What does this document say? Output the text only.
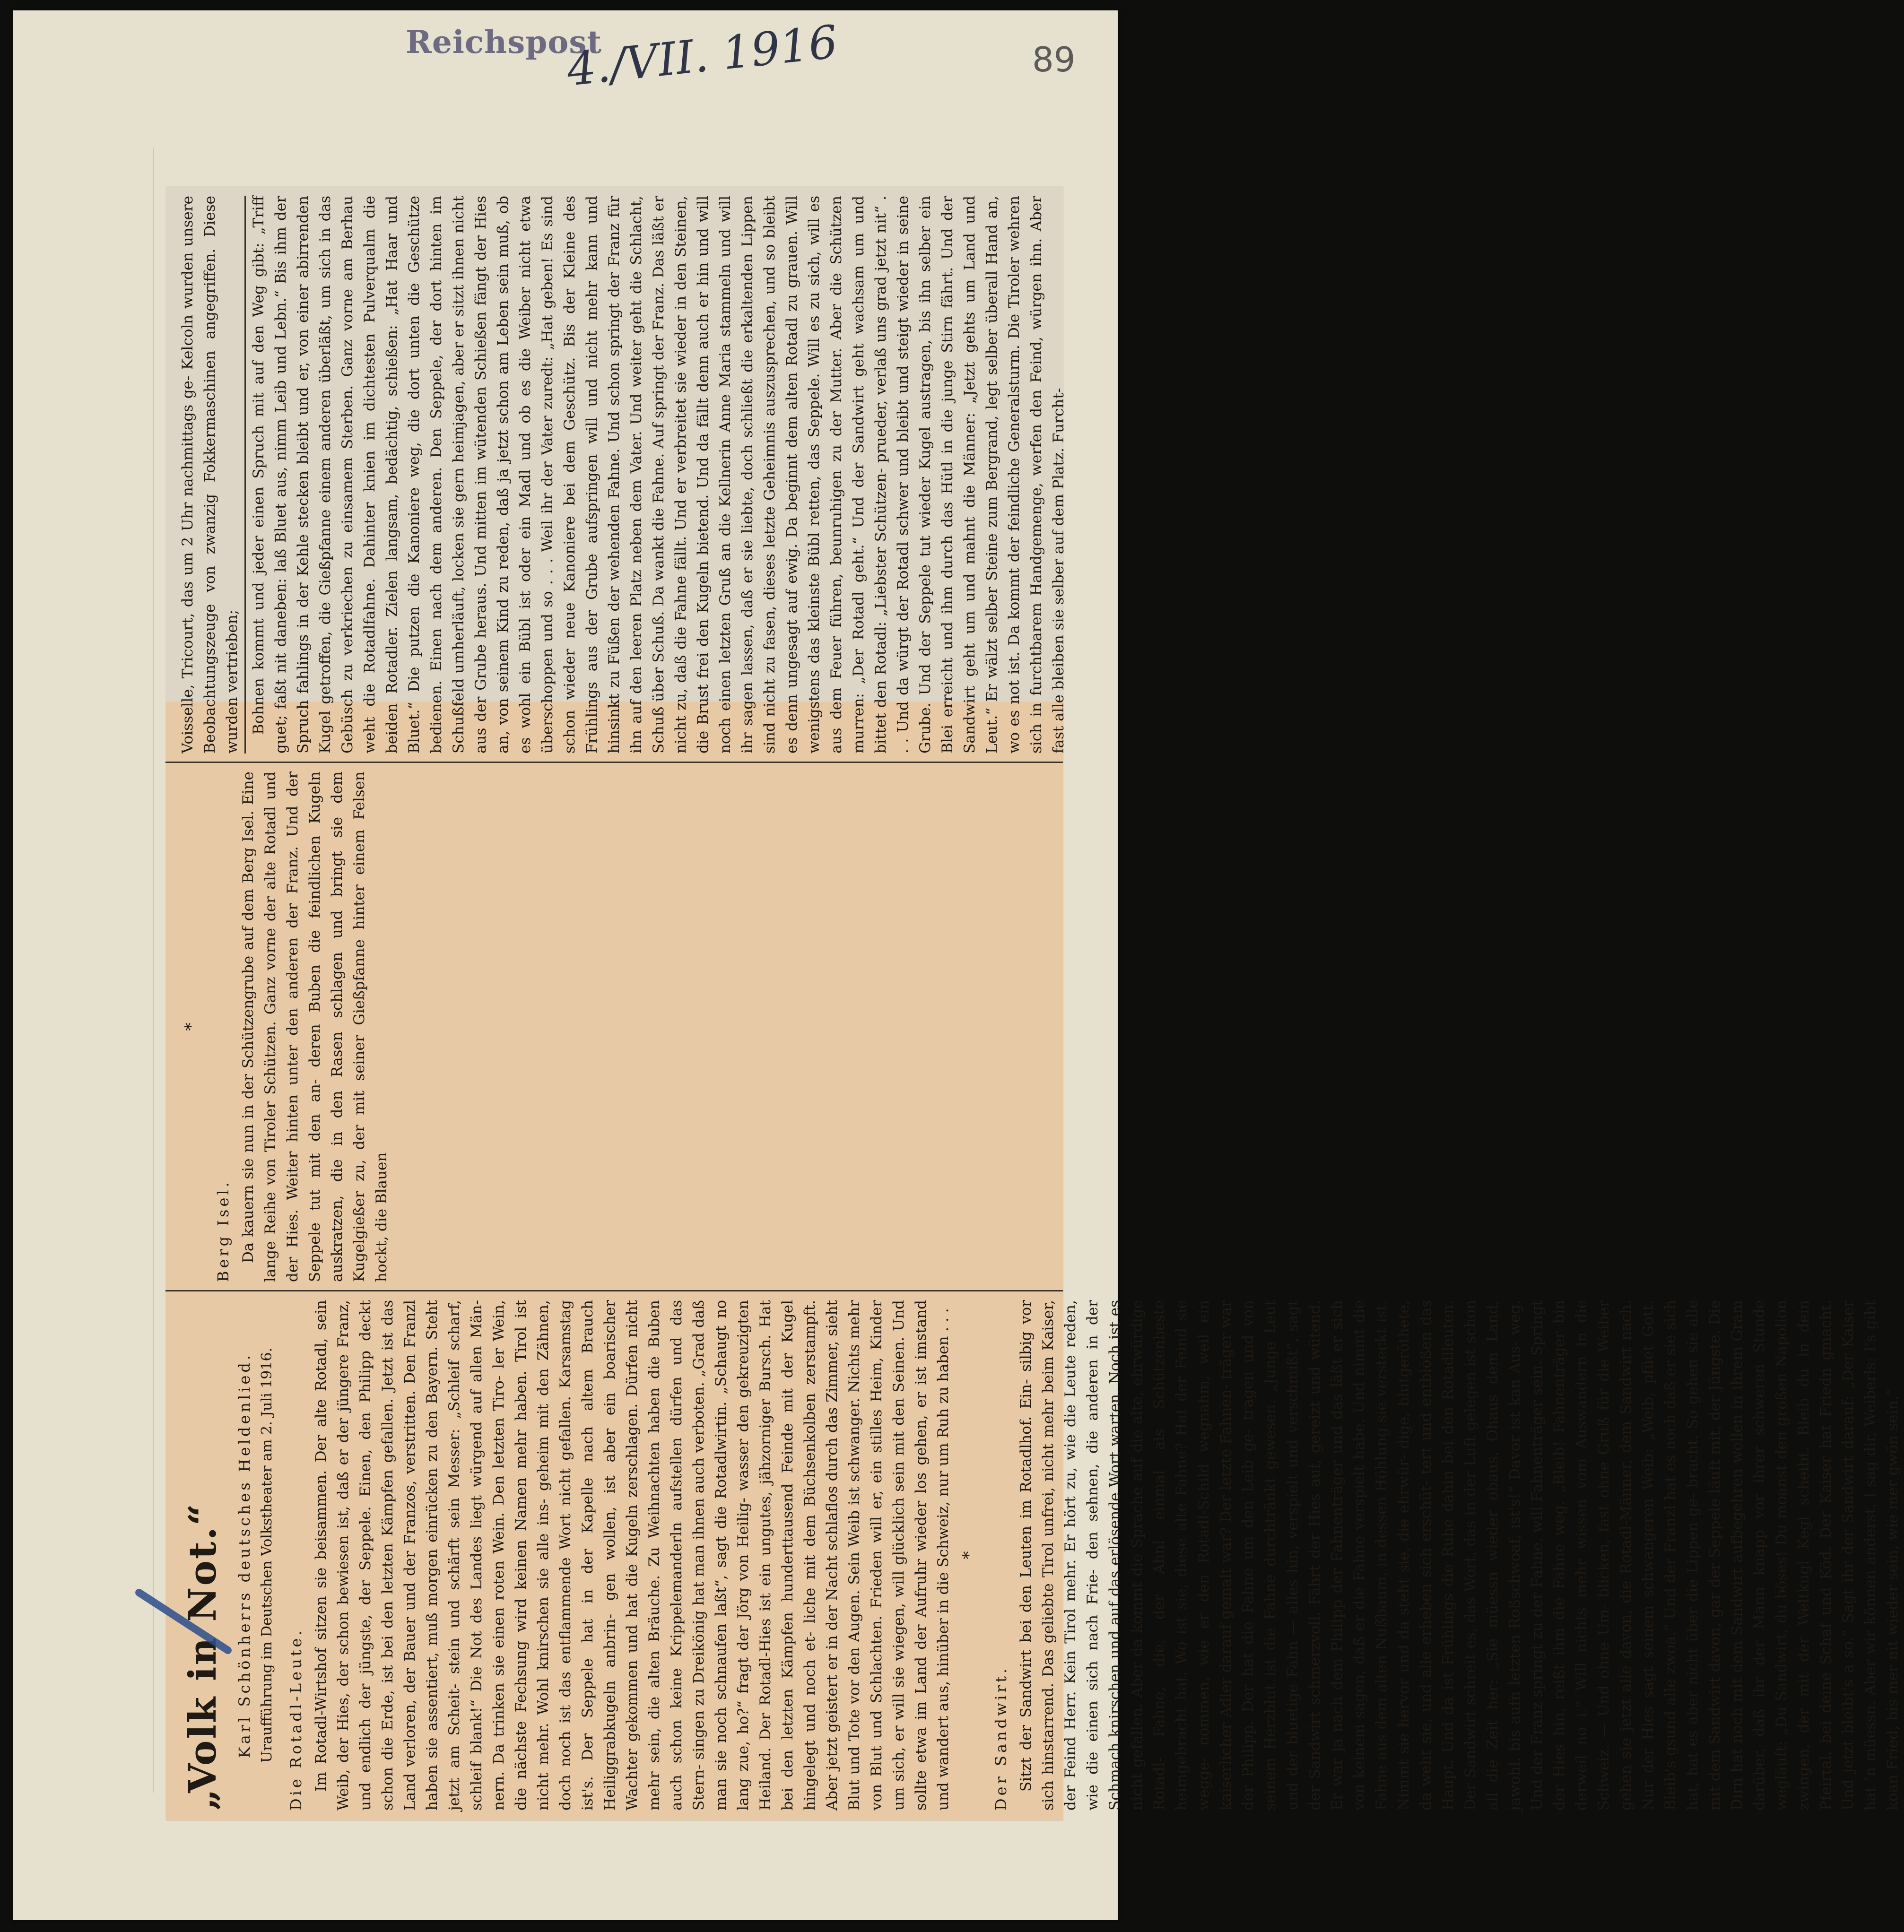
Reichspost
4./VII. 1916	89
„Volk in Not.“ Karl Schönherrs deutsches Heldenlied. Uraufführung im Deutschen Volkstheater am 2. Juli 1916. Die Rotadl-Leute. Im Rotadl-Wirtshof sitzen sie beisammen. Der alte Rotadl, sein Weib, der Hies, der schon bewiesen ist, daß er der jüngere Franz, und endlich der jüngste, der Seppele. Einen, den Philipp deckt schon die Erde, ist bei den letzten Kämpfen gefallen. Jetzt ist das Land verloren, der Bauer und der Franzos, verstritten. Den Franzl haben sie assentiert, muß morgen einrücken zu den Bayern. Steht jetzt am Scheit- stein und schärft sein Messer: „Schleif scharf, schleif blank!“ Die Not des Landes liegt würgend auf allen Män- nern. Da trinken sie einen roten Wein. Den letzten Tiro- ler Wein, die nächste Fechsung wird keinen Namen mehr haben. Tirol ist nicht mehr. Wohl knirschen sie alle ins- geheim mit den Zähnen, doch noch ist das entflammende Wort nicht gefallen. Karsamstag ist's. Der Seppele hat in der Kapelle nach altem Brauch Heiliggrabkugeln anbrin- gen wollen, ist aber ein boarischer Wachter gekommen und hat die Kugeln zerschlagen. Dürfen nicht mehr sein, die alten Bräuche. Zu Weihnachten haben die Buben auch schon keine Krippelemanderln aufstellen dürfen und das Stern- singen zu Dreikönig hat man ihnen auch verboten. „Grad daß man sie noch schnaufen laßt“, sagt die Rotadlwirtin. „Schaugt no lang zue, ho?“ fragt der Jörg von Heilig- wasser den gekreuzigten Heiland. Der Rotadl-Hies ist ein ungutes, jähzorniger Bursch. Hat bei den letzten Kämpfen hunderttausend Feinde mit der Kugel hingelegt und noch et- liche mit dem Büchsenkolben zerstampft. Aber jetzt geistert er in der Nacht schlaflos durch das Zimmer, sieht Blut und Tote vor den Augen. Sein Weib ist schwanger. Nichts mehr von Blut und Schlachten. Frieden will er, ein stilles Heim, Kinder um sich, er will sie wiegen, will glücklich sein mit den Seinen. Und sollte etwa im Land der Aufruhr wieder los gehen, er ist imstand und wandert aus, hinüber in die Schweiz, nur um Ruh zu haben . . . *

Der Sandwirt. Sitzt der Sandwirt bei den Leuten im Rotadlhof. Ein- silbig vor sich hinstarrend. Das geliebte Tirol unfrei, nicht mehr beim Kaiser, der Feind Herr. Kein Tirol mehr. Er hört zu, wie die Leute reden, wie die einen sich nach Frie- den sehnen, die anderen in der Schmach knirschen und auf das erlösende Wort warten. Noch ist es nicht gefallen. Aber da kommt die Sprache auf die alte, ehrwürdige Rotadl- Fahne, die, der Ahnl einmal als Schützenbeste heimgebracht hat. Wo ist sie, diese alte Fahne? Hat der Feind sie wegge- nommen, wie er den Rotadl-Schild wegnahm, weil ein kaiserlicher Adler darauf gemalt war? Der letzte Fahnen- träger war der Philipp. Der hat die Fahne um den Leib ge- tragen und von seinem Herzblut ist die Fahne durchtränkt gewesen. „Junge Leut und der bluetige Fahn — alles hin, verspielt und verschmißt“, sagt der Sandwirt schmerzvoll. Fährt der Hies auf, gereizt und wütend. Er war ja nach dem Philipp der Fahnenträger und das läßt er sich von keinem sagen, daß er die Fahne verspielt habe. Und nimmt die Fahne aus dem alten Nußbaum, in dessen Höhlung sie versteckt ist. Nimmt sie hervor und da steht sie, die ehrwür- dige, blutgeröthete, da weht sie, und alle erheben sich erschüt- tert und entblößen das Haupt. Und da ist Frühlings die Ruhe dahin bei den Rotadlleuten. Der Sandwirt schreit es, das Wort, das in der Luft gelegen ist schon all die Zeit her: „Sie müessn wieder obaus. Ohaus dem Land, jawohl, bis aufn letzten Roßschwoaf, ist's!“ Davor ist kan Aus- weg. Und der Franz springt zu der Fahne, will Fahnenträger sein. Springt der Hies hin, reißt ihm die Fahne weg. „Bleib! Fahnenträger bin derweil no i.“ Will nichts mehr wissen vom Auswandern in die Schweiz. — Und ohne Um- blicken, fast ohne Gruß für die Weiber gehen sie jetzt alle davon, die Rotadl-Männer, dem Sandwirt nach. Nur der Hies sagt seinem schwangeren Weib: „Weib, pfüet Gott. Bleib's gsund alle zwoa.“ Und der Franzl hat es noch daß er sie sich hat, hat es aber nicht über die Lippen ge- bracht. So gehen sie alle mit dem Sandwirt davon, gar der Seppele läuft mit, der Jüngste. Die Dirn hat noch mit dem Sandwirt aufbegehren wollen in ihrem Gram darüber, daß ihr der Mann knapp vor ihrer schweren Stunde wegläuft: „Du Sandwirt, du böses! Du moanst den großen Napolion zwingen, der mit der Weltkugl Kegl scheibt. Bleib du in dein Pfeirtal, bei deine Schaf und Köd. Der Kaiser hat Friedn gmacht. Und jetzt bleibt's a so.“ Sagt ihr der Sandwirt darauf: „Der Kaiser hat ’n müessn. Aber wir können anderst. I sag dir, Weiberls: I's gibt koan Fried, bis mer nit wieder sein, wie mer gwön sein.“

*

Berg Isel. Da kauern sie nun in der Schützengrube auf dem Berg Isel. Eine lange Reihe von Tiroler Schützen. Ganz vorne der alte Rotadl und der Hies. Weiter hinten unter den anderen der Franz. Und der Seppele tut mit den an- deren Buben die feindlichen Kugeln auskratzen, die in den Rasen schlagen und bringt sie dem Kugelgießer zu, der mit seiner Gießpfanne hinter einem Felsen hockt, die Blauen

Voisselle, Tricourt, das um 2 Uhr nachmittags ge- Kelcoln wurden unsere Beobachtungszeuge von zwanzig Fokkermaschinen angegriffen. Diese wurden vertrieben; Bohnen kommt und jeder einen Spruch mit auf den Weg gibt: „Triff guet; faßt nit daneben: laß Bluet aus, nimm Leib und Lebn.“ Bis ihm der Spruch fahlings in der Kehle stecken bleibt und er, von einer abirrenden Kugel getroffen, die Gießpfanne einem anderen überläßt, um sich in das Gebüsch zu verkriechen zu einsamem Sterben. Ganz vorne am Berhau weht die Rotadlfahne. Dahinter knien im dichtesten Pulverqualm die beiden Rotadler. Zielen langsam, bedächtig, schießen: „Hat Haar und Bluet.“ Die putzen die Kanoniere weg, die dort unten die Geschütze bedienen. Einen nach dem anderen. Den Seppele, der dort hinten im Schußfeld umherläuft, locken sie gern heimjagen, aber er sitzt ihnen nicht aus der Grube heraus. Und mitten im wütenden Schießen fängt der Hies an, von seinem Kind zu reden, daß ja jetzt schon am Leben sein muß, ob es wohl ein Bübl ist oder ein Madl und ob es die Weiber nicht etwa überschoppen und so . . . Weil ihr der Vater zuredt: „Hat geben! Es sind schon wieder neue Kanoniere bei dem Geschütz. Bis der Kleine des Frühlings aus der Grube aufspringen will und nicht mehr kann und hinsinkt zu Füßen der wehenden Fahne. Und schon springt der Franz für ihn auf den leeren Platz neben dem Vater. Und weiter geht die Schlacht, Schuß über Schuß. Da wankt die Fahne. Auf springt der Franz. Das läßt er nicht zu, daß die Fahne fällt. Und er verbreitet sie wieder in den Steinen, die Brust frei den Kugeln bietend. Und da fällt denn auch er hin und will noch einen letzten Gruß an die Kellnerin Anne Maria stammeln und will ihr sagen lassen, daß er sie liebte, doch schließt die erkaltenden Lippen sind nicht zu fasen, dieses letzte Geheimnis auszusprechen, und so bleibt es denn ungesagt auf ewig. Da beginnt dem alten Rotadl zu grauen. Will wenigstens das kleinste Bübl retten, das Seppele. Will es zu sich, will es aus dem Feuer führen, beunruhigen zu der Mutter. Aber die Schützen murren: „Der Rotadl geht.“ Und der Sandwirt geht wachsam um und bittet den Rotadl: „Liebster Schützen- prueder, verlaß uns grad jetzt nit“ . . . Und da würgt der Rotadl schwer und bleibt und steigt wieder in seine Grube. Und der Seppele tut wieder Kugel austragen, bis ihn selber ein Blei erreicht und ihm durch das Hütl in die junge Stirn fährt. Und der Sandwirt geht um und mahnt die Männer: „Jetzt gehts um Land und Leut.“ Er wälzt selber Steine zum Bergrand, legt selber überall Hand an, wo es not ist. Da kommt der feindliche Generalsturm. Die Tiroler wehren sich in furchtbarem Handgemenge, werfen den Feind, würgen ihn. Aber fast alle bleiben sie selber auf dem Platz. Furcht-
